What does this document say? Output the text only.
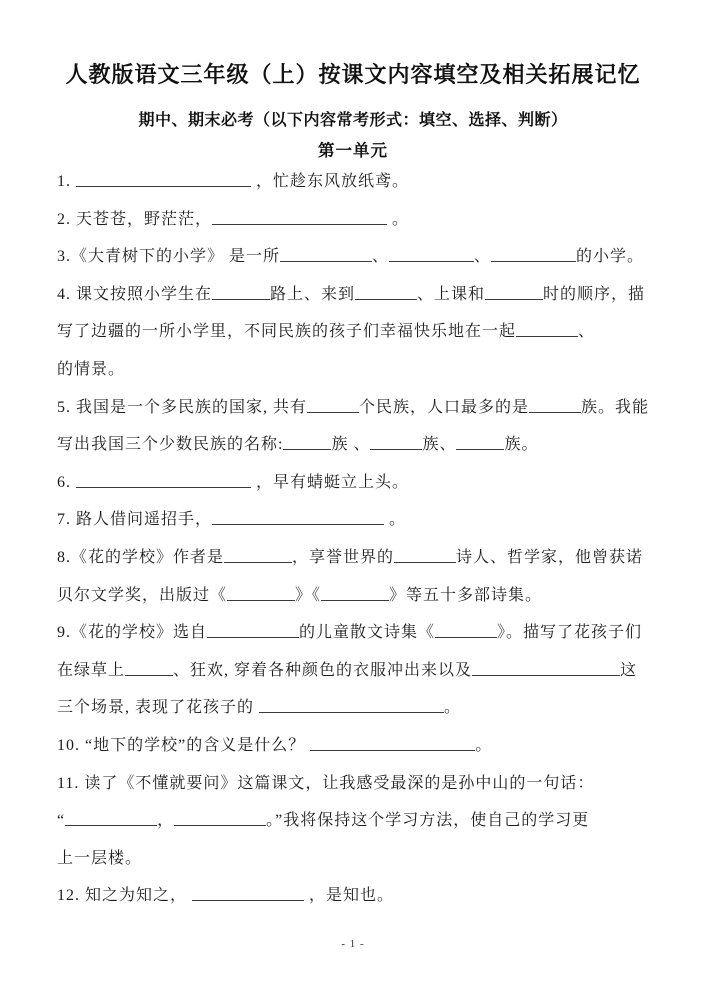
人教版语文三年级（上）按课文内容填空及相关拓展记忆
期中、期末必考（以下内容常考形式：填空、选择、判断）
第一单元
1.	，忙趁东风放纸鸢。
2. 天苍苍，野茫茫，	。
3.《大青树下的小学》 是一所	、	、	的小学。
4. 课文按照小学生在	路上、来到	、上课和	时的顺序，描
写了边疆的一所小学里，不同民族的孩子们幸福快乐地在一起	、
的情景。
5. 我国是一个多民族的国家, 共有	个民族，人口最多的是	族。我能
写出我国三个少数民族的名称:	族 、	族、	族。
6.	，早有蜻蜓立上头。
7. 路人借问遥招手，	。
8.《花的学校》作者是	，享誉世界的	诗人、哲学家，他曾获诺
贝尔文学奖，出版过《	》《	》等五十多部诗集。
9.《花的学校》选自	的儿童散文诗集《	》。描写了花孩子们
在绿草上	、狂欢, 穿着各种颜色的衣服冲出来以及	这
三个场景, 表现了花孩子的	。
10. “地下的学校”的含义是什么？	。
11. 读了《不懂就要问》这篇课文，让我感受最深的是孙中山的一句话：
“	，	。”我将保持这个学习方法，使自己的学习更
上一层楼。
12. 知之为知之，	，是知也。
- 1 -
